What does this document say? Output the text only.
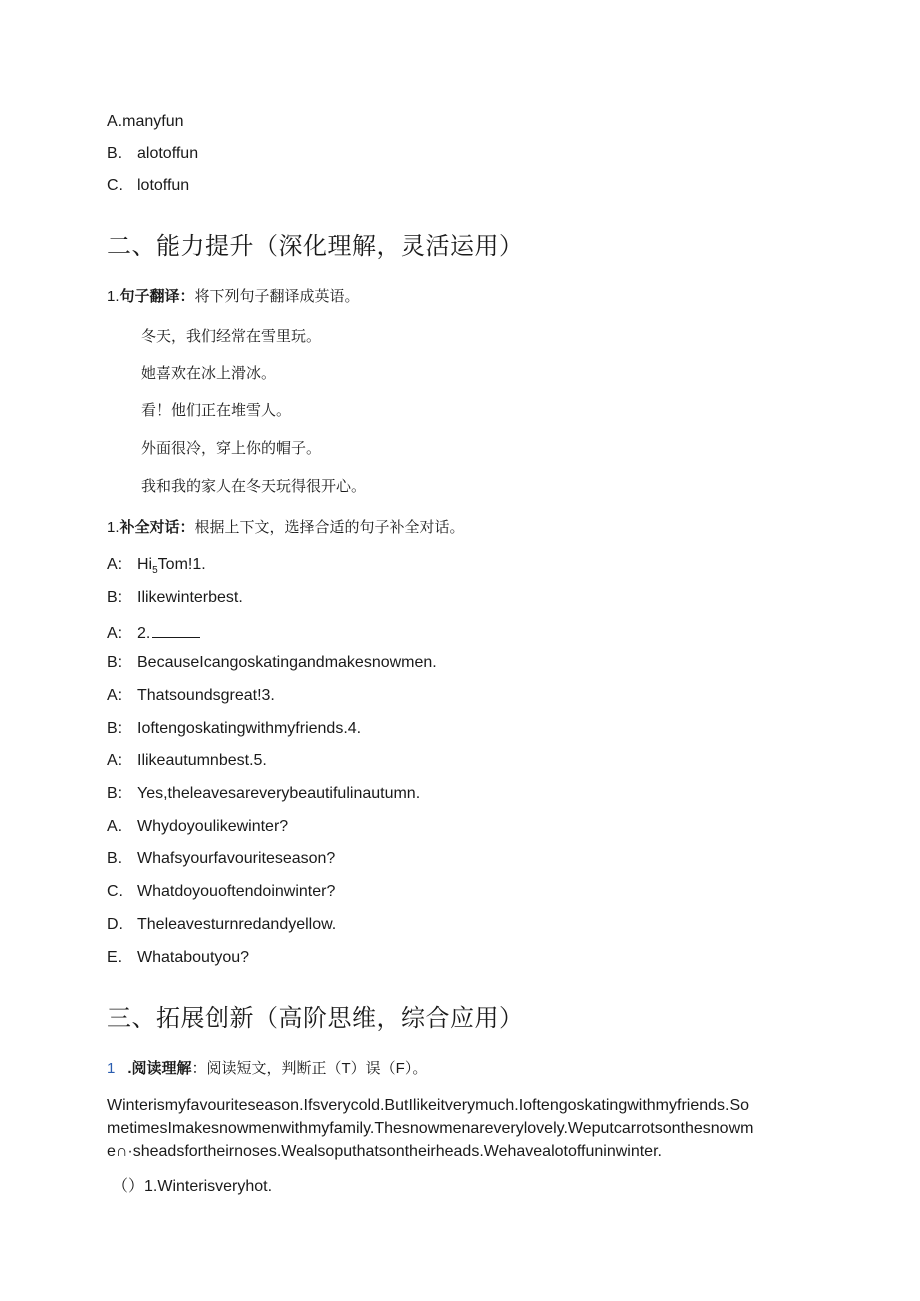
A.manyfun
B. alotoffun
C. lotoffun
二、能力提升（深化理解，灵活运用）
1.句子翻译：将下列句子翻译成英语。
冬天，我们经常在雪里玩。
她喜欢在冰上滑冰。
看！他们正在堆雪人。
外面很冷，穿上你的帽子。
我和我的家人在冬天玩得很开心。
1.补全对话：根据上下文，选择合适的句子补全对话。
A: $Hi_5Tom!1$.
B: Ilikewinterbest.
A: 2.
B: BecauseIcangoskatingandmakesnowmen.
A: Thatsoundsgreat!3.
B: Ioftengoskatingwithmyfriends.4.
A: Ilikeautumnbest.5.
B: Yes,theleavesareverybeautifulinautumn.
A. Whydoyoulikewinter?
B. Whafsyourfavouriteseason?
C. Whatdoyouoftendoinwinter?
D. Theleavesturnredandyellow.
E. Whataboutyou?
三、拓展创新（高阶思维，综合应用）
1 .阅读理解：阅读短文，判断正（T）误（F）。
Winterismyfavouriteseason.Ifsverycold.ButIlikeitverymuch.Ioftengoskatingwithmyfriends.So
metimesImakesnowmenwithmyfamily.Thesnowmenareverylovely.Weputcarrotsonthesnowm
e∩·sheadsfortheirnoses.Wealsoputhatsontheirheads.Wehavealotoffuninwinter.
（）1.Winterisveryhot.
